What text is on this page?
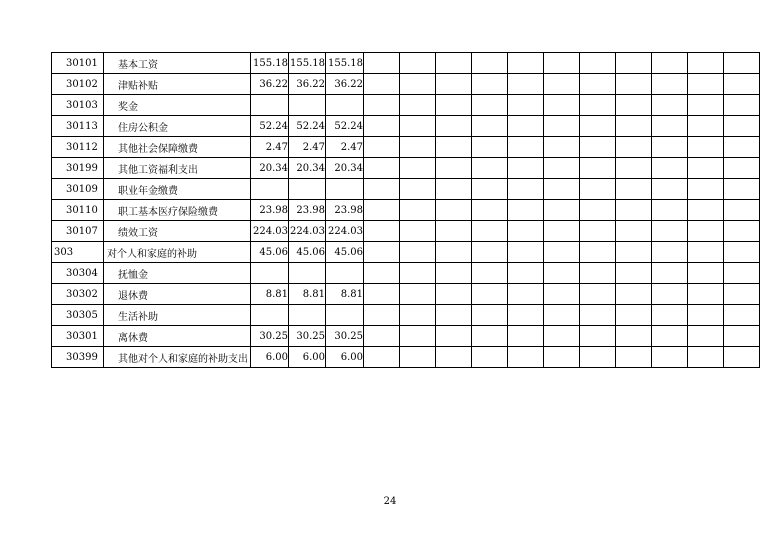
30101	基本工资	155.18	155.18	155.18											
30102	津贴补贴	36.22	36.22	36.22											
30103	奖金														
30113	住房公积金	52.24	52.24	52.24											
30112	其他社会保障缴费	2.47	2.47	2.47											
30199	其他工资福利支出	20.34	20.34	20.34											
30109	职业年金缴费														
30110	职工基本医疗保险缴费	23.98	23.98	23.98											
30107	绩效工资	224.03	224.03	224.03											
303	对个人和家庭的补助	45.06	45.06	45.06											
30304	抚恤金														
30302	退休费	8.81	8.81	8.81											
30305	生活补助														
30301	离休费	30.25	30.25	30.25											
30399	其他对个人和家庭的补助支出	6.00	6.00	6.00											
24
